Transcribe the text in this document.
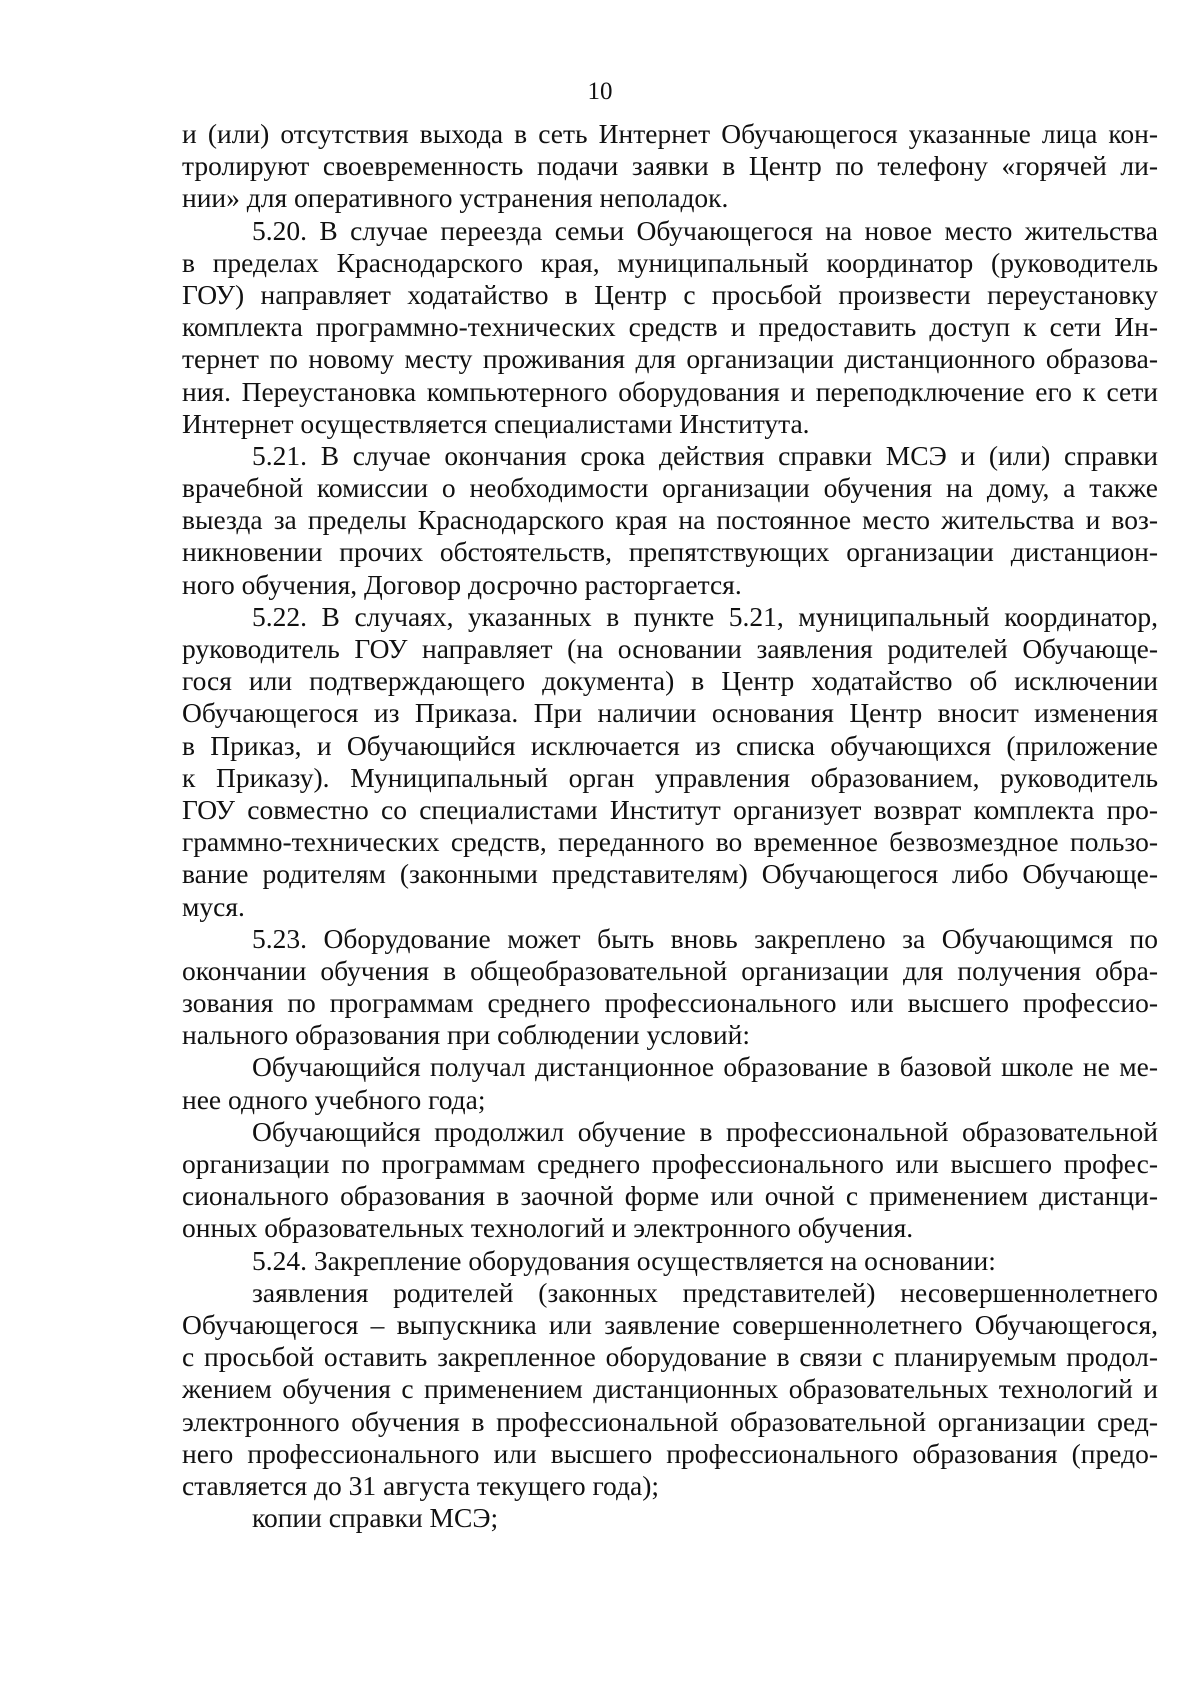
10
и (или) отсутствия выхода в сеть Интернет Обучающегося указанные лица кон-
тролируют своевременность подачи заявки в Центр по телефону «горячей ли-
нии» для оперативного устранения неполадок.
5.20. В случае переезда семьи Обучающегося на новое место жительства
в пределах Краснодарского края, муниципальный координатор (руководитель
ГОУ) направляет ходатайство в Центр с просьбой произвести переустановку
комплекта программно-технических средств и предоставить доступ к сети Ин-
тернет по новому месту проживания для организации дистанционного образова-
ния. Переустановка компьютерного оборудования и переподключение его к сети
Интернет осуществляется специалистами Института.
5.21. В случае окончания срока действия справки МСЭ и (или) справки
врачебной комиссии о необходимости организации обучения на дому, а также
выезда за пределы Краснодарского края на постоянное место жительства и воз-
никновении прочих обстоятельств, препятствующих организации дистанцион-
ного обучения, Договор досрочно расторгается.
5.22. В случаях, указанных в пункте 5.21, муниципальный координатор,
руководитель ГОУ направляет (на основании заявления родителей Обучающе-
гося или подтверждающего документа) в Центр ходатайство об исключении
Обучающегося из Приказа. При наличии основания Центр вносит изменения
в Приказ, и Обучающийся исключается из списка обучающихся (приложение
к Приказу). Муниципальный орган управления образованием, руководитель
ГОУ совместно со специалистами Институт организует возврат комплекта про-
граммно-технических средств, переданного во временное безвозмездное пользо-
вание родителям (законными представителям) Обучающегося либо Обучающе-
муся.
5.23. Оборудование может быть вновь закреплено за Обучающимся по
окончании обучения в общеобразовательной организации для получения обра-
зования по программам среднего профессионального или высшего профессио-
нального образования при соблюдении условий:
Обучающийся получал дистанционное образование в базовой школе не ме-
нее одного учебного года;
Обучающийся продолжил обучение в профессиональной образовательной
организации по программам среднего профессионального или высшего профес-
сионального образования в заочной форме или очной с применением дистанци-
онных образовательных технологий и электронного обучения.
5.24. Закрепление оборудования осуществляется на основании:
заявления родителей (законных представителей) несовершеннолетнего
Обучающегося – выпускника или заявление совершеннолетнего Обучающегося,
с просьбой оставить закрепленное оборудование в связи с планируемым продол-
жением обучения с применением дистанционных образовательных технологий и
электронного обучения в профессиональной образовательной организации сред-
него профессионального или высшего профессионального образования (предо-
ставляется до 31 августа текущего года);
копии справки МСЭ;
